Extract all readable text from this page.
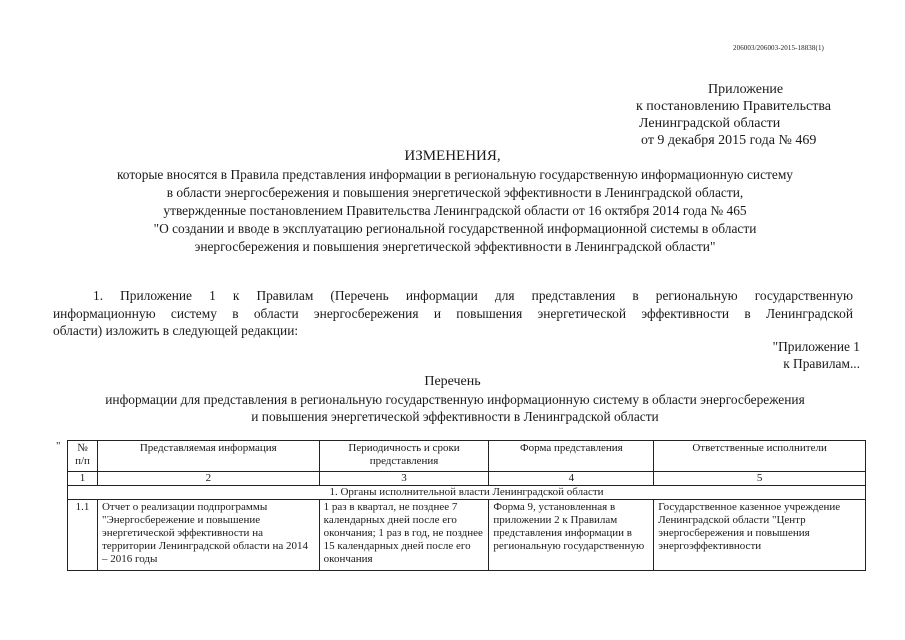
206003/206003-2015-18838(1)
Приложение
к постановлению Правительства
Ленинградской области
от 9 декабря 2015 года № 469
ИЗМЕНЕНИЯ,
которые вносятся в Правила представления информации в региональную государственную информационную систему
в области энергосбережения и повышения энергетической эффективности в Ленинградской области,
утвержденные постановлением Правительства Ленинградской области от 16 октября 2014 года № 465
"О создании и вводе в эксплуатацию региональной государственной информационной системы в области
энергосбережения и повышения энергетической эффективности в Ленинградской области"
1. Приложение 1 к Правилам (Перечень информации для представления в региональную государственную
информационную систему в области энергосбережения и повышения энергетической эффективности в Ленинградской
области) изложить в следующей редакции:
"Приложение 1
к Правилам...
Перечень
информации для представления в региональную государственную информационную систему в области энергосбережения
и повышения энергетической эффективности в Ленинградской области
" № п/п	Представляемая информация	Периодичность и сроки представления	Форма представления	Ответственные исполнители
1	2	3	4	5
1. Органы исполнительной власти Ленинградской области				
1.1	Отчет о реализации подпрограммы "Энергосбережение и повышение энергетической эффективности на территории Ленинградской области на 2014 – 2016 годы	1 раз в квартал, не позднее 7 календарных дней после его окончания; 1 раз в год, не позднее 15 календарных дней после его окончания	Форма 9, установленная в приложении 2 к Правилам представления информации в региональную государственную	Государственное казенное учреждение Ленинградской области "Центр энергосбережения и повышения энергоэффективности
